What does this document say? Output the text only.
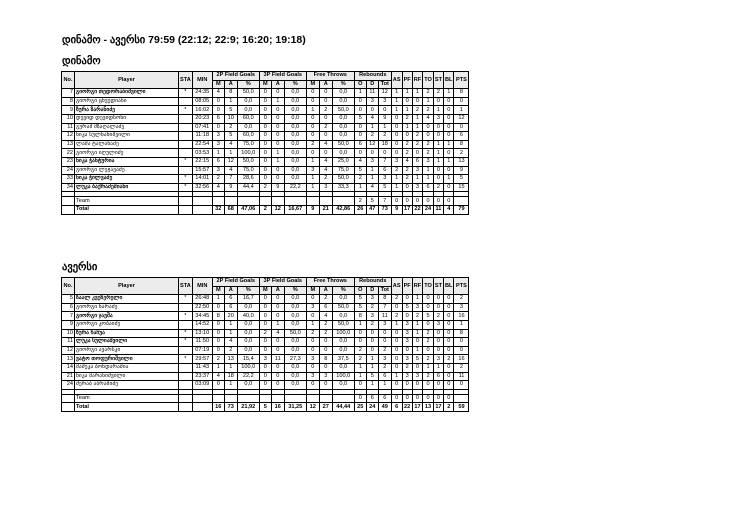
დინამო - ავერსი 79:59 (22:12; 22:9; 16:20; 19:18)
დინამო
No.	Player	STA	MIN	2P Field Goals			3P Field Goals			Free Throws			Rebounds			AS	PF	RF	TO	ST	BL	PTS
				M	A	%	M	A	%	M	A	%	O	D	Tot							
7	გიორგი თედორაბიშვილი	*	24:35	4	8	50,0	0	0	0,0	0	0	0,0	1	11	12	1	1	1	2	2	1	8
8	გიორგი ცხვედიანი		08:05	0	1	0,0	0	1	0,0	0	0	0,0	0	3	3	1	0	0	1	0	0	0
9	ზურა ზარანიძე	*	16:02	0	5	0,0	0	0	0,0	1	2	50,0	0	0	0	1	1	2	2	1	0	1
10	დევიდ დევიდსონი		20:23	6	10	60,0	0	0	0,0	0	0	0,0	5	4	9	0	2	1	4	3	0	12
11	გურამ მზაღალაძე		07:41	0	2	0,0	0	0	0,0	0	2	0,0	0	1	1	0	1	1	0	0	0	0
12	ნიკა სულხანიშვილი		11:18	3	5	60,0	0	0	0,0	0	0	0,0	0	2	2	0	0	2	0	0	0	6
13	ლაშა ტალახაძე		22:54	3	4	75,0	0	0	0,0	2	4	50,0	6	12	18	0	2	2	2	1	1	8
22	გიორგი იღულიძე		03:53	1	1	100,0	0	1	0,0	0	0	0,0	0	0	0	0	2	0	2	1	0	2
23	ნიკა ჭანტურია	*	22:15	6	12	50,0	0	1	0,0	1	4	25,0	4	3	7	3	4	6	3	1	1	13
24	გიორგი ლეჟავაძე		15:57	3	4	75,0	0	0	0,0	3	4	75,0	5	1	6	2	2	3	1	0	0	9
33	ნიკა ჭილვაძე	*	14:01	2	7	28,6	0	0	0,0	1	2	50,0	2	1	3	1	2	1	1	0	1	5
34	ლუკა ბაქრაძემიანი	*	32:56	4	9	44,4	2	9	22,2	1	3	33,3	1	4	5	1	0	3	6	2	0	15

	Team												2	5	7	0	0	0	0	0	0	
	Total			32	68	47,06	2	12	16,67	9	21	42,86	26	47	73	9	17	22	24	11	4	79
ავერსი
No.	Player	STA	MIN	2P Field Goals			3P Field Goals			Free Throws			Rebounds			AS	PF	RF	TO	ST	BL	PTS
				M	A	%	M	A	%	M	A	%	O	D	Tot							
5	ზაალ კვეზერელი	*	26:48	1	6	16,7	0	0	0,0	0	2	0,0	5	3	8	2	0	1	0	0	0	2
6	გიორგი ხარაძე		22:50	0	6	0,0	0	0	0,0	3	6	50,0	5	2	7	0	5	3	0	0	0	3
7	გიორგი ჯავშა	*	34:45	8	20	40,0	0	0	0,0	0	4	0,0	8	3	11	2	0	2	5	2	0	16
9	გიორგი კობაიძე		14:52	0	1	0,0	0	1	0,0	1	2	50,0	1	2	3	1	3	1	0	3	0	1
10	ზურა ჩაჩუა	*	13:10	0	1	0,0	2	4	50,0	2	2	100,0	0	0	0	0	3	1	2	0	0	8
11	ლუკა სულიაშვილი	*	11:50	0	4	0,0	0	0	0,0	0	0	0,0	0	0	0	0	3	0	2	0	0	0
12	გიორგი ავარსკი		07:19	0	2	0,0	0	0	0,0	0	0	0,0	2	0	2	0	0	1	0	0	0	0
13	ვატო თოფურიშვილი	*	29:57	2	13	15,4	3	11	27,3	3	8	37,5	2	1	3	0	3	5	2	3	2	16
14	მამუკა ბონდარამია		11:43	1	1	100,0	0	0	0,0	0	0	0,0	1	1	2	0	2	0	1	1	0	2
21	ნიკა მარანიშვილი		23:37	4	18	22,2	0	0	0,0	3	3	100,0	1	5	6	1	3	3	2	6	0	11
24	მერაბ აბრამიძე		03:09	0	1	0,0	0	0	0,0	0	0	0,0	0	1	1	0	0	0	0	0	0	0

	Team												0	6	6	0	0	0	0	0	0	
	Total			16	73	21,92	5	16	31,25	12	27	44,44	25	24	49	6	22	17	13	17	2	59
